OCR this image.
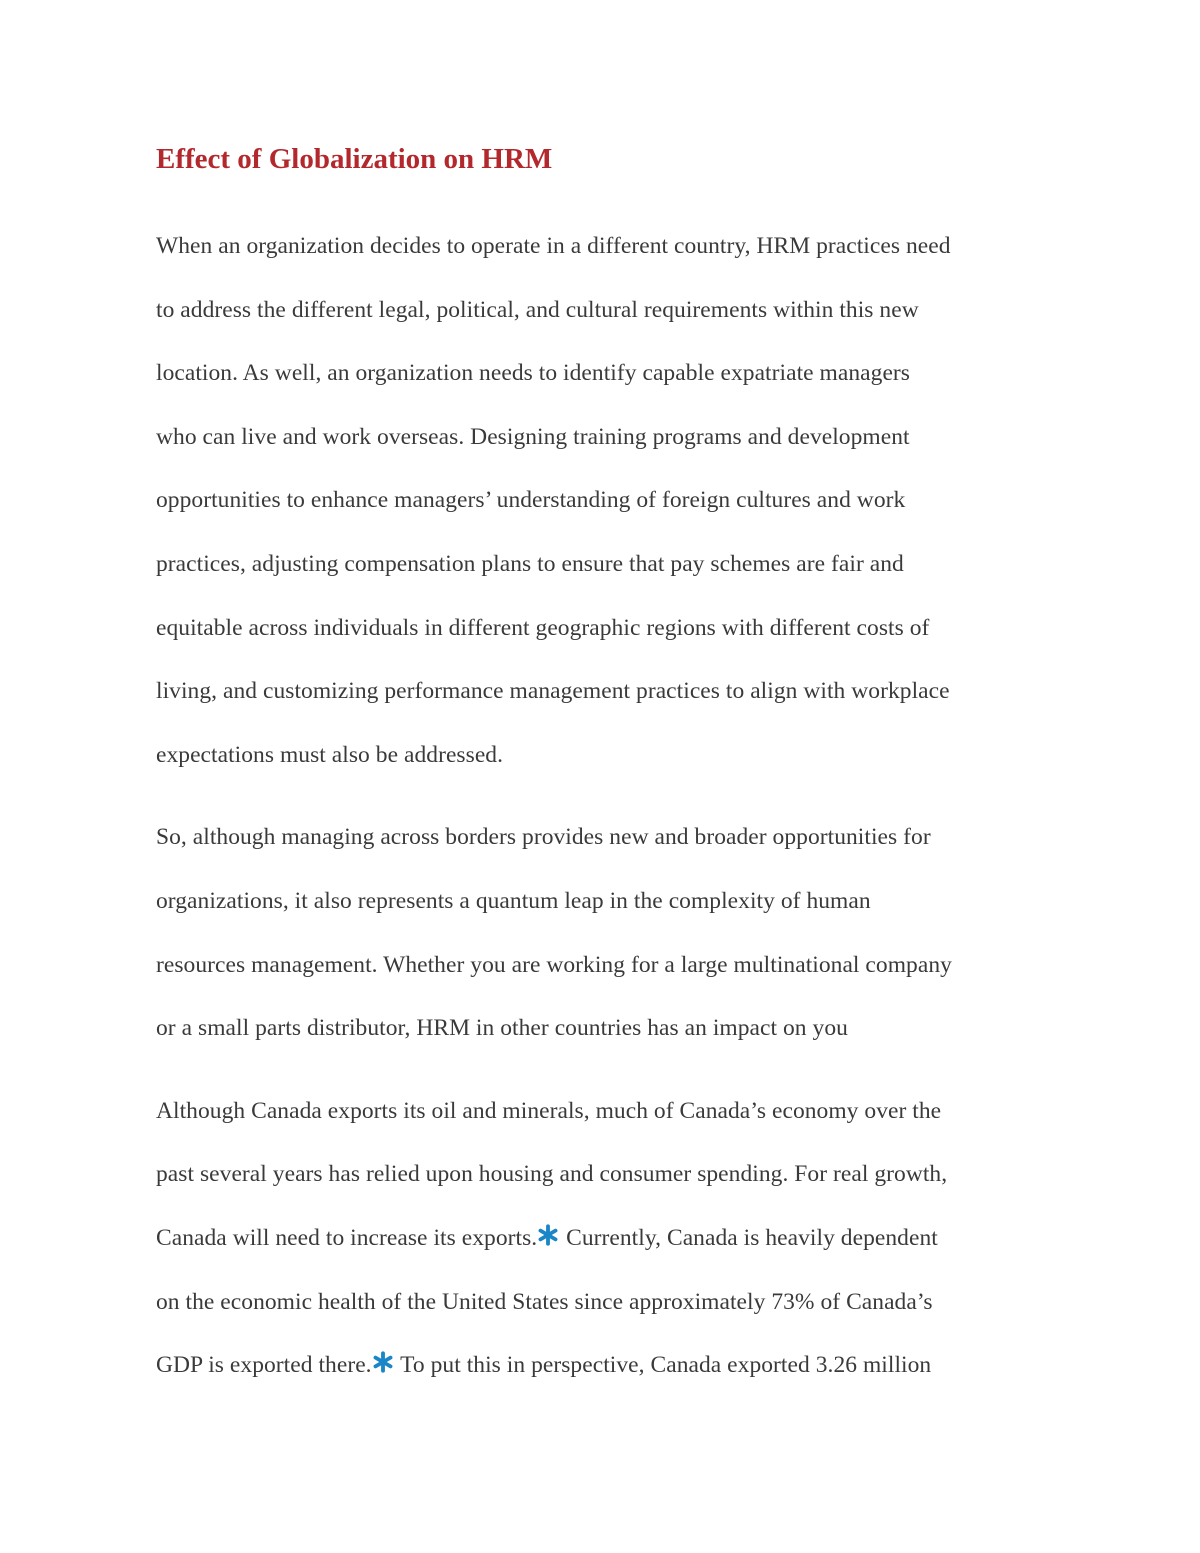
Effect of Globalization on HRM

When an organization decides to operate in a different country, HRM practices need
to address the different legal, political, and cultural requirements within this new
location. As well, an organization needs to identify capable expatriate managers
who can live and work overseas. Designing training programs and development
opportunities to enhance managers’ understanding of foreign cultures and work
practices, adjusting compensation plans to ensure that pay schemes are fair and
equitable across individuals in different geographic regions with different costs of
living, and customizing performance management practices to align with workplace
expectations must also be addressed.

So, although managing across borders provides new and broader opportunities for
organizations, it also represents a quantum leap in the complexity of human
resources management. Whether you are working for a large multinational company
or a small parts distributor, HRM in other countries has an impact on you

Although Canada exports its oil and minerals, much of Canada’s economy over the
past several years has relied upon housing and consumer spending. For real growth,
Canada will need to increase its exports.
Currently, Canada is heavily dependent
on the economic health of the United States since approximately 73% of Canada’s
GDP is exported there.
To put this in perspective, Canada exported 3.26 million
